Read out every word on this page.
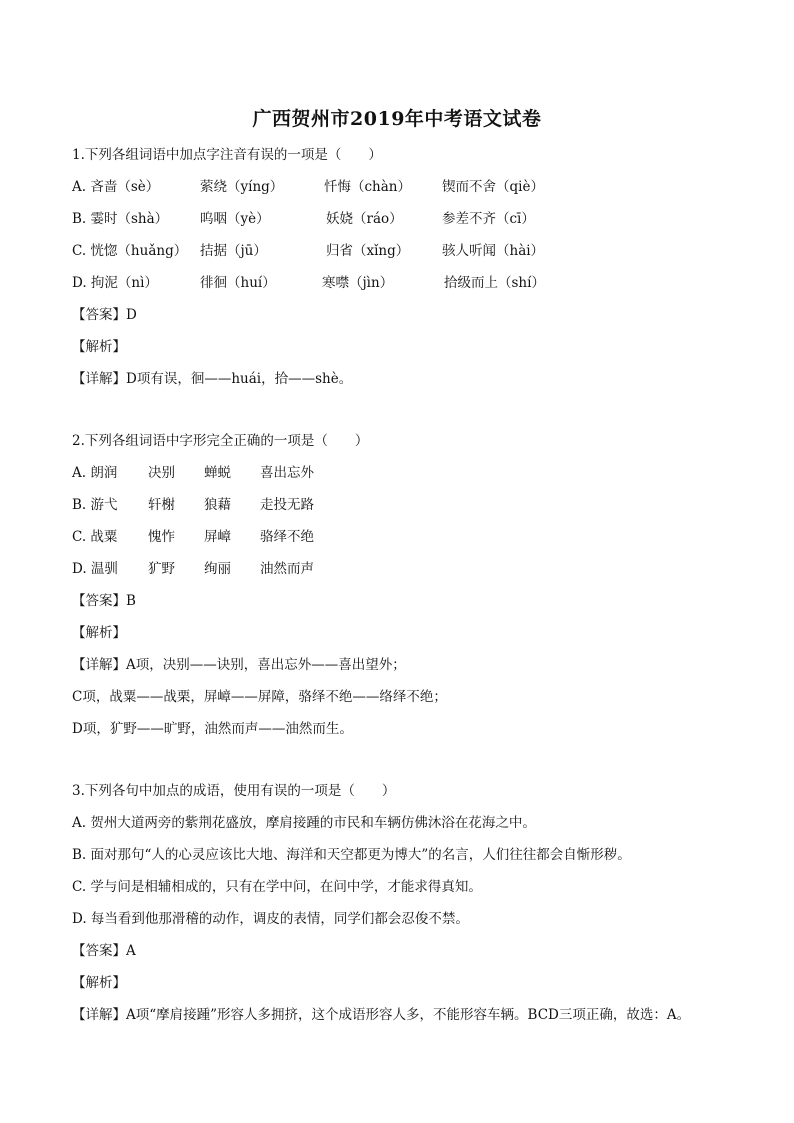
广西贺州市2019年中考语文试卷
1.下列各组词语中加点字注音有误的一项是（　　）
A. 吝啬（sè）	萦绕（yíng）	忏悔（chàn） 锲而不舍（qiè）
B. 霎时（shà） 呜咽（yè）	妖娆（ráo）	参差不齐（cī）
C. 恍惚（huǎng） 拮据（jū）	归省（xǐng） 骇人听闻（hài）
D. 拘泥（nì）	徘徊（huí）	寒噤（jìn）	拾级而上（shí）
【答案】D
【解析】
【详解】D项有误，徊——huái，拾——shè。
2.下列各组词语中字形完全正确的一项是（　　）
A. 朗润 决别 蝉蜕 喜出忘外
B. 游弋 轩榭 狼藉 走投无路
C. 战粟 愧怍 屏嶂 骆绎不绝
D. 温驯 犷野 绚丽 油然而声
【答案】B
【解析】
【详解】A项，决别——诀别，喜出忘外——喜出望外；
C项，战粟——战栗，屏嶂——屏障，骆绎不绝——络绎不绝；
D项，犷野——旷野，油然而声——油然而生。
3.下列各句中加点的成语，使用有误的一项是（　　）
A. 贺州大道两旁的紫荆花盛放，摩肩接踵的市民和车辆仿佛沐浴在花海之中。
B. 面对那句“人的心灵应该比大地、海洋和天空都更为博大”的名言，人们往往都会自惭形秽。
C. 学与问是相辅相成的，只有在学中问，在问中学，才能求得真知。
D. 每当看到他那滑稽的动作，调皮的表情，同学们都会忍俊不禁。
【答案】A
【解析】
【详解】A项“摩肩接踵”形容人多拥挤，这个成语形容人多，不能形容车辆。BCD三项正确，故选：A。
